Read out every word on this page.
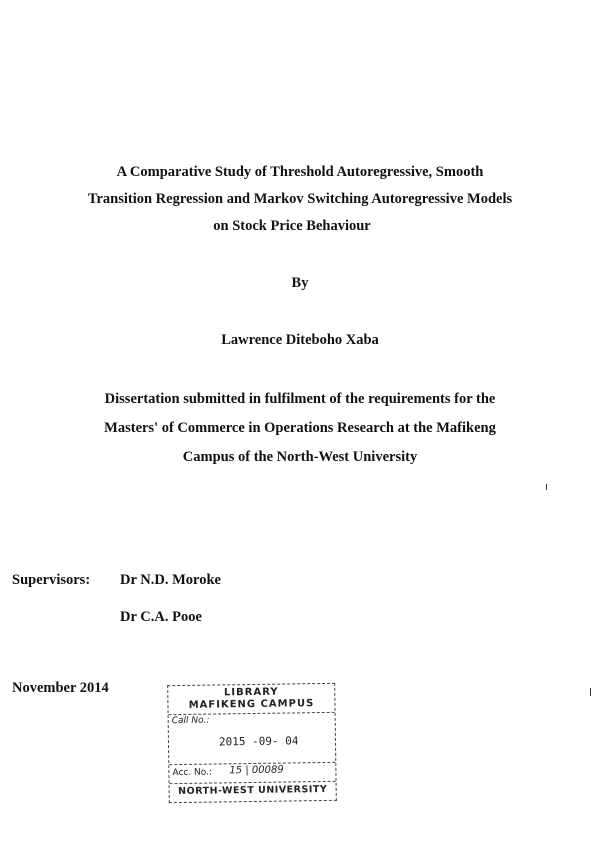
A Comparative Study of Threshold Autoregressive, Smooth
Transition Regression and Markov Switching Autoregressive Models
on Stock Price Behaviour
By
Lawrence Diteboho Xaba
Dissertation submitted in fulfilment of the requirements for the
Masters' of Commerce in Operations Research at the Mafikeng
Campus of the North-West University
Supervisors: Dr N.D. Moroke
Dr C.A. Pooe
November 2014	LIBRARY
MAFIKENG CAMPUS
Call No.:
2015 -09- 04
Acc. No.: 15 | 00089
NORTH-WEST UNIVERSITY
